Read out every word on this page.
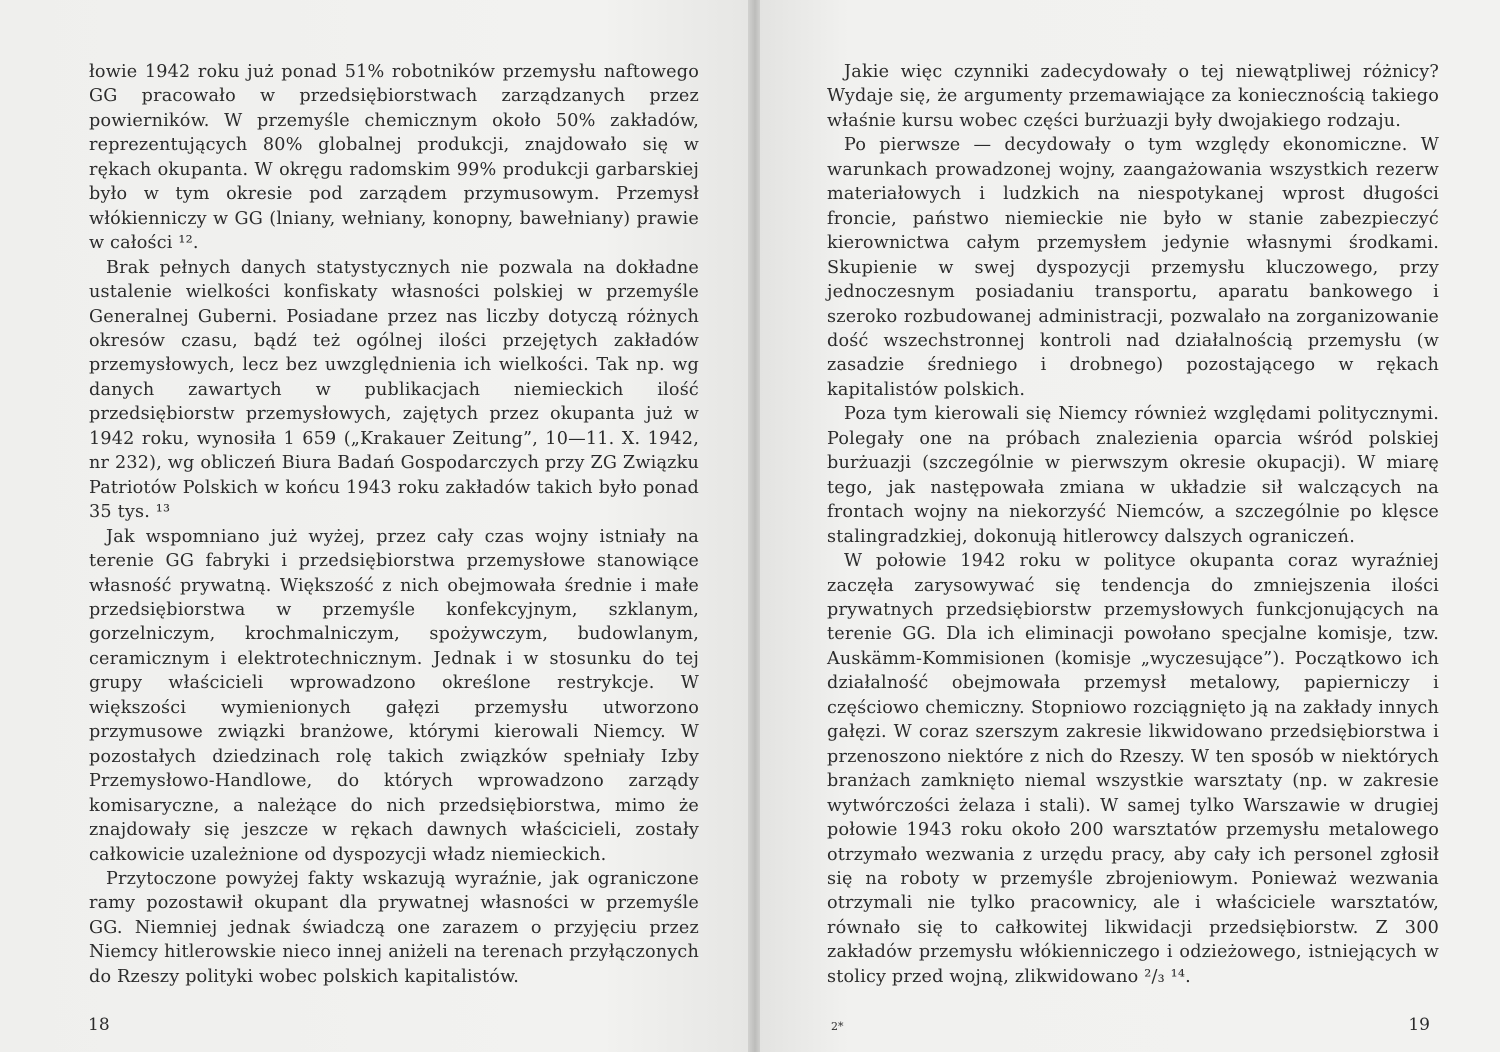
łowie 1942 roku już ponad 51% robotników przemysłu naftowego GG pracowało w przedsiębiorstwach zarządzanych przez powierników. W przemyśle chemicznym około 50% zakładów, reprezentujących 80% globalnej produkcji, znajdowało się w rękach okupanta. W okręgu radomskim 99% produkcji garbarskiej było w tym okresie pod zarządem przymusowym. Przemysł włókienniczy w GG (lniany, wełniany, konopny, bawełniany) prawie w całości ¹².

Brak pełnych danych statystycznych nie pozwala na dokładne ustalenie wielkości konfiskaty własności polskiej w przemyśle Generalnej Guberni. Posiadane przez nas liczby dotyczą różnych okresów czasu, bądź też ogólnej ilości przejętych zakładów przemysłowych, lecz bez uwzględnienia ich wielkości. Tak np. wg danych zawartych w publikacjach niemieckich ilość przedsiębiorstw przemysłowych, zajętych przez okupanta już w 1942 roku, wynosiła 1 659 („Krakauer Zeitung”, 10—11. X. 1942, nr 232), wg obliczeń Biura Badań Gospodarczych przy ZG Związku Patriotów Polskich w końcu 1943 roku zakładów takich było ponad 35 tys. ¹³

Jak wspomniano już wyżej, przez cały czas wojny istniały na terenie GG fabryki i przedsiębiorstwa przemysłowe stanowiące własność prywatną. Większość z nich obejmowała średnie i małe przedsiębiorstwa w przemyśle konfekcyjnym, szklanym, gorzelniczym, krochmalniczym, spożywczym, budowlanym, ceramicznym i elektrotechnicznym. Jednak i w stosunku do tej grupy właścicieli wprowadzono określone restrykcje. W większości wymienionych gałęzi przemysłu utworzono przymusowe związki branżowe, którymi kierowali Niemcy. W pozostałych dziedzinach rolę takich związków spełniały Izby Przemysłowo-Handlowe, do których wprowadzono zarządy komisaryczne, a należące do nich przedsiębiorstwa, mimo że znajdowały się jeszcze w rękach dawnych właścicieli, zostały całkowicie uzależnione od dyspozycji władz niemieckich.

Przytoczone powyżej fakty wskazują wyraźnie, jak ograniczone ramy pozostawił okupant dla prywatnej własności w przemyśle GG. Niemniej jednak świadczą one zarazem o przyjęciu przez Niemcy hitlerowskie nieco innej aniżeli na terenach przyłączonych do Rzeszy polityki wobec polskich kapitalistów.

18

Jakie więc czynniki zadecydowały o tej niewątpliwej różnicy? Wydaje się, że argumenty przemawiające za koniecznością takiego właśnie kursu wobec części burżuazji były dwojakiego rodzaju.

Po pierwsze — decydowały o tym względy ekonomiczne. W warunkach prowadzonej wojny, zaangażowania wszystkich rezerw materiałowych i ludzkich na niespotykanej wprost długości froncie, państwo niemieckie nie było w stanie zabezpieczyć kierownictwa całym przemysłem jedynie własnymi środkami. Skupienie w swej dyspozycji przemysłu kluczowego, przy jednoczesnym posiadaniu transportu, aparatu bankowego i szeroko rozbudowanej administracji, pozwalało na zorganizowanie dość wszechstronnej kontroli nad działalnością przemysłu (w zasadzie średniego i drobnego) pozostającego w rękach kapitalistów polskich.

Poza tym kierowali się Niemcy również względami politycznymi. Polegały one na próbach znalezienia oparcia wśród polskiej burżuazji (szczególnie w pierwszym okresie okupacji). W miarę tego, jak następowała zmiana w układzie sił walczących na frontach wojny na niekorzyść Niemców, a szczególnie po klęsce stalingradzkiej, dokonują hitlerowcy dalszych ograniczeń.

W połowie 1942 roku w polityce okupanta coraz wyraźniej zaczęła zarysowywać się tendencja do zmniejszenia ilości prywatnych przedsiębiorstw przemysłowych funkcjonujących na terenie GG. Dla ich eliminacji powołano specjalne komisje, tzw. Auskämm-Kommisionen (komisje „wyczesujące”). Początkowo ich działalność obejmowała przemysł metalowy, papierniczy i częściowo chemiczny. Stopniowo rozciągnięto ją na zakłady innych gałęzi. W coraz szerszym zakresie likwidowano przedsiębiorstwa i przenoszono niektóre z nich do Rzeszy. W ten sposób w niektórych branżach zamknięto niemal wszystkie warsztaty (np. w zakresie wytwórczości żelaza i stali). W samej tylko Warszawie w drugiej połowie 1943 roku około 200 warsztatów przemysłu metalowego otrzymało wezwania z urzędu pracy, aby cały ich personel zgłosił się na roboty w przemyśle zbrojeniowym. Ponieważ wezwania otrzymali nie tylko pracownicy, ale i właściciele warsztatów, równało się to całkowitej likwidacji przedsiębiorstw. Z 300 zakładów przemysłu włókienniczego i odzieżowego, istniejących w stolicy przed wojną, zlikwidowano ²/₃ ¹⁴.

2*	19
